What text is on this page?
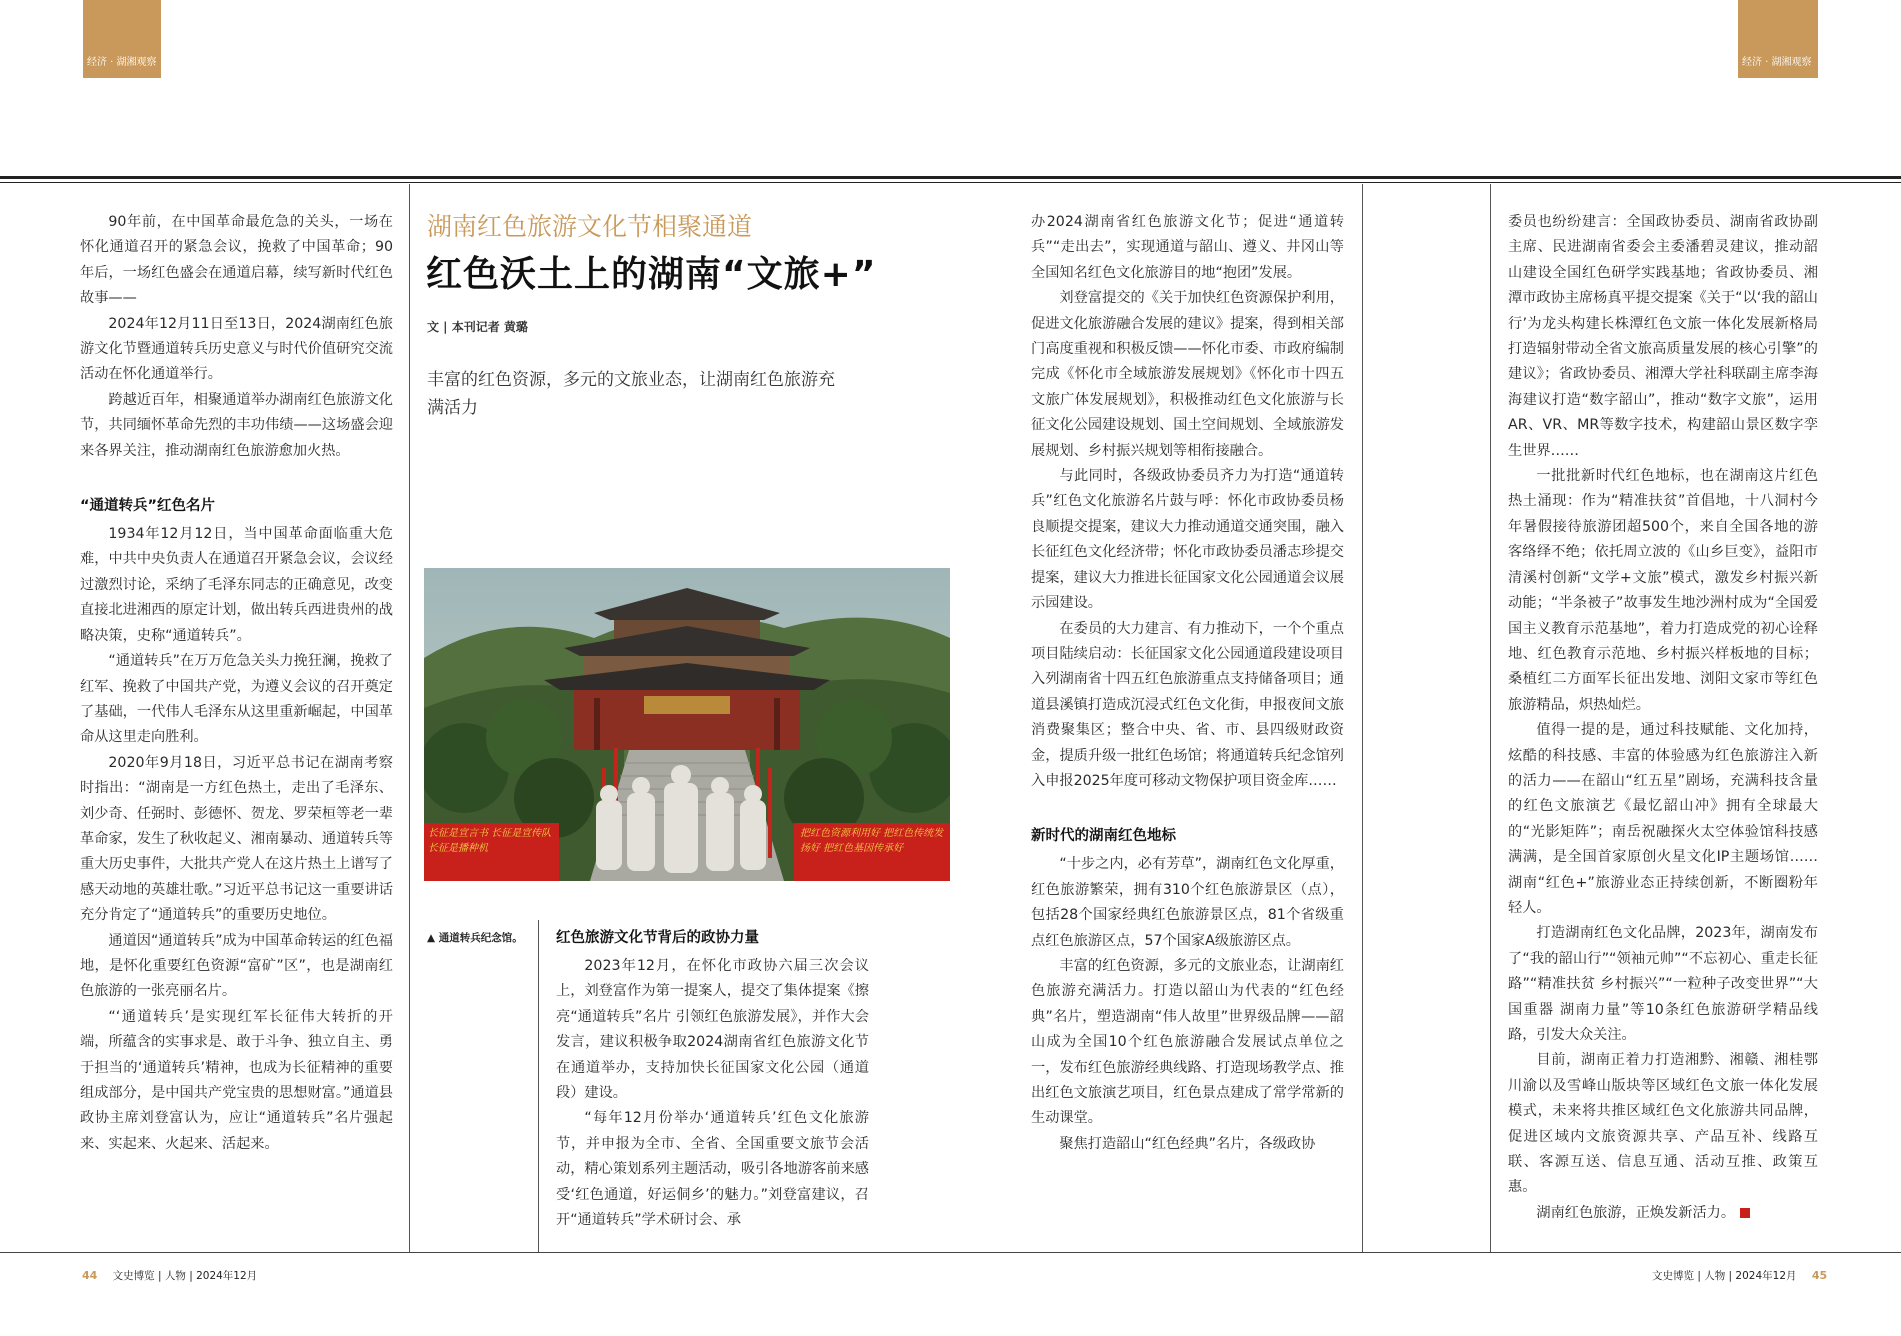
经济 · 湖湘观察	经济 · 湖湘观察

90年前，在中国革命最危急的关头，一场在怀化通道召开的紧急会议，挽救了中国革命；90年后，一场红色盛会在通道启幕，续写新时代红色故事——

2024年12月11日至13日，2024湖南红色旅游文化节暨通道转兵历史意义与时代价值研究交流活动在怀化通道举行。

跨越近百年，相聚通道举办湖南红色旅游文化节，共同缅怀革命先烈的丰功伟绩——这场盛会迎来各界关注，推动湖南红色旅游愈加火热。

“通道转兵”红色名片

1934年12月12日，当中国革命面临重大危难，中共中央负责人在通道召开紧急会议，会议经过激烈讨论，采纳了毛泽东同志的正确意见，改变直接北进湘西的原定计划，做出转兵西进贵州的战略决策，史称“通道转兵”。

“通道转兵”在万万危急关头力挽狂澜，挽救了红军、挽救了中国共产党，为遵义会议的召开奠定了基础，一代伟人毛泽东从这里重新崛起，中国革命从这里走向胜利。

2020年9月18日，习近平总书记在湖南考察时指出：“湖南是一方红色热土，走出了毛泽东、刘少奇、任弼时、彭德怀、贺龙、罗荣桓等老一辈革命家，发生了秋收起义、湘南暴动、通道转兵等重大历史事件，大批共产党人在这片热土上谱写了感天动地的英雄壮歌。”习近平总书记这一重要讲话充分肯定了“通道转兵”的重要历史地位。

通道因“通道转兵”成为中国革命转运的红色福地，是怀化重要红色资源“富矿”区”，也是湖南红色旅游的一张亮丽名片。

“‘通道转兵’是实现红军长征伟大转折的开端，所蕴含的实事求是、敢于斗争、独立自主、勇于担当的‘通道转兵’精神，也成为长征精神的重要组成部分，是中国共产党宝贵的思想财富。”通道县政协主席刘登富认为，应让“通道转兵”名片强起来、实起来、火起来、活起来。

湖南红色旅游文化节相聚通道
红色沃土上的湖南“文旅+”
文 | 本刊记者 黄璐
丰富的红色资源，多元的文旅业态，让湖南红色旅游充满活力
长征是宣言书 长征是宣传队 长征是播种机
把红色资源利用好 把红色传统发扬好 把红色基因传承好
▲ 通道转兵纪念馆。 红色旅游文化节背后的政协力量

2023年12月，在怀化市政协六届三次会议上，刘登富作为第一提案人，提交了集体提案《擦亮“通道转兵”名片 引领红色旅游发展》，并作大会发言，建议积极争取2024湖南省红色旅游文化节在通道举办，支持加快长征国家文化公园（通道段）建设。

“每年12月份举办‘通道转兵’红色文化旅游节，并申报为全市、全省、全国重要文旅节会活动，精心策划系列主题活动，吸引各地游客前来感受‘红色通道，好运侗乡’的魅力。”刘登富建议，召开“通道转兵”学术研讨会、承

办2024湖南省红色旅游文化节；促进“通道转兵”“走出去”，实现通道与韶山、遵义、井冈山等全国知名红色文化旅游目的地“抱团”发展。

刘登富提交的《关于加快红色资源保护利用，促进文化旅游融合发展的建议》提案，得到相关部门高度重视和积极反馈——怀化市委、市政府编制完成《怀化市全域旅游发展规划》《怀化市十四五文旅广体发展规划》，积极推动红色文化旅游与长征文化公园建设规划、国土空间规划、全域旅游发展规划、乡村振兴规划等相衔接融合。

与此同时，各级政协委员齐力为打造“通道转兵”红色文化旅游名片鼓与呼：怀化市政协委员杨良顺提交提案，建议大力推动通道交通突围，融入长征红色文化经济带；怀化市政协委员潘志珍提交提案，建议大力推进长征国家文化公园通道会议展示园建设。

在委员的大力建言、有力推动下，一个个重点项目陆续启动：长征国家文化公园通道段建设项目入列湖南省十四五红色旅游重点支持储备项目；通道县溪镇打造成沉浸式红色文化街，申报夜间文旅消费聚集区；整合中央、省、市、县四级财政资金，提质升级一批红色场馆；将通道转兵纪念馆列入申报2025年度可移动文物保护项目资金库……

新时代的湖南红色地标

“十步之内，必有芳草”，湖南红色文化厚重，红色旅游繁荣，拥有310个红色旅游景区（点），包括28个国家经典红色旅游景区点，81个省级重点红色旅游区点，57个国家A级旅游区点。

丰富的红色资源，多元的文旅业态，让湖南红色旅游充满活力。打造以韶山为代表的“红色经典”名片，塑造湖南“伟人故里”世界级品牌——韶山成为全国10个红色旅游融合发展试点单位之一，发布红色旅游经典线路、打造现场教学点、推出红色文旅演艺项目，红色景点建成了常学常新的生动课堂。

聚焦打造韶山“红色经典”名片，各级政协

委员也纷纷建言：全国政协委员、湖南省政协副主席、民进湖南省委会主委潘碧灵建议，推动韶山建设全国红色研学实践基地；省政协委员、湘潭市政协主席杨真平提交提案《关于“以‘我的韶山行’为龙头构建长株潭红色文旅一体化发展新格局 打造辐射带动全省文旅高质量发展的核心引擎”的建议》；省政协委员、湘潭大学社科联副主席李海海建议打造“数字韶山”，推动“数字文旅”，运用AR、VR、MR等数字技术，构建韶山景区数字孪生世界……

一批批新时代红色地标，也在湖南这片红色热土涌现：作为“精准扶贫”首倡地，十八洞村今年暑假接待旅游团超500个，来自全国各地的游客络绎不绝；依托周立波的《山乡巨变》，益阳市清溪村创新“文学+文旅”模式，激发乡村振兴新动能；“半条被子”故事发生地沙洲村成为“全国爱国主义教育示范基地”，着力打造成党的初心诠释地、红色教育示范地、乡村振兴样板地的目标；桑植红二方面军长征出发地、浏阳文家市等红色旅游精品，炽热灿烂。

值得一提的是，通过科技赋能、文化加持，炫酷的科技感、丰富的体验感为红色旅游注入新的活力——在韶山“红五星”剧场，充满科技含量的红色文旅演艺《最忆韶山冲》拥有全球最大的“光影矩阵”；南岳祝融探火太空体验馆科技感满满，是全国首家原创火星文化IP主题场馆……湖南“红色+”旅游业态正持续创新，不断圈粉年轻人。

打造湖南红色文化品牌，2023年，湖南发布了“我的韶山行”“领袖元帅”“不忘初心、重走长征路”“精准扶贫 乡村振兴”“一粒种子改变世界”“大国重器 湖南力量”等10条红色旅游研学精品线路，引发大众关注。

目前，湖南正着力打造湘黔、湘赣、湘桂鄂川渝以及雪峰山版块等区域红色文旅一体化发展模式，未来将共推区域红色文化旅游共同品牌，促进区域内文旅资源共享、产品互补、线路互联、客源互送、信息互通、活动互推、政策互惠。

湖南红色旅游，正焕发新活力。

44 文史博览 | 人物 | 2024年12月	文史博览 | 人物 | 2024年12月 45
